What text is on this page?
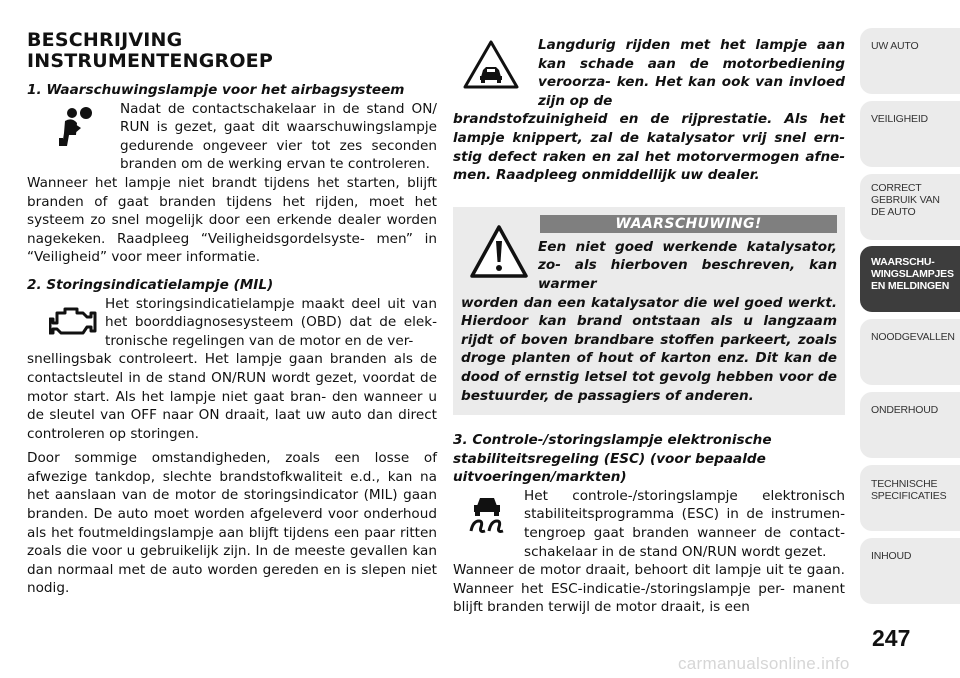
BESCHRIJVING
INSTRUMENTENGROEP
1. Waarschuwingslampje voor het airbagsysteem

Nadat de contactschakelaar in de stand ON/ RUN is gezet, gaat dit waarschuwingslampje gedurende ongeveer vier tot zes seconden branden om de werking ervan te controleren.

Wanneer het lampje niet brandt tijdens het starten, blijft branden of gaat branden tijdens het rijden, moet het systeem zo snel mogelijk door een erkende dealer worden nagekeken. Raadpleeg “Veiligheidsgordelsyste- men” in “Veiligheid” voor meer informatie.

2. Storingsindicatielampje (MIL)

Het storingsindicatielampje maakt deel uit van het boorddiagnosesysteem (OBD) dat de elek- tronische regelingen van de motor en de ver-

snellingsbak controleert. Het lampje gaan branden als de contactsleutel in de stand ON/RUN wordt gezet, voordat de motor start. Als het lampje niet gaat bran- den wanneer u de sleutel van OFF naar ON draait, laat uw auto dan direct controleren op storingen.

Door sommige omstandigheden, zoals een losse of afwezige tankdop, slechte brandstofkwaliteit e.d., kan na het aanslaan van de motor de storingsindicator (MIL) gaan branden. De auto moet worden afgeleverd voor onderhoud als het foutmeldingslampje aan blijft tijdens een paar ritten zoals die voor u gebruikelijk zijn. In de meeste gevallen kan dan normaal met de auto worden gereden en is slepen niet nodig.

Langdurig rijden met het lampje aan kan schade aan de motorbediening veroorza- ken. Het kan ook van invloed zijn op de

brandstofzuinigheid en de rijprestatie. Als het lampje knippert, zal de katalysator vrij snel ern- stig defect raken en zal het motorvermogen afne- men. Raadpleeg onmiddellijk uw dealer.

WAARSCHUWING!

Een niet goed werkende katalysator, zo- als hierboven beschreven, kan warmer

worden dan een katalysator die wel goed werkt. Hierdoor kan brand ontstaan als u langzaam rijdt of boven brandbare stoffen parkeert, zoals droge planten of hout of karton enz. Dit kan de dood of ernstig letsel tot gevolg hebben voor de bestuurder, de passagiers of anderen.

3. Controle-/storingslampje elektronische stabiliteitsregeling (ESC) (voor bepaalde uitvoeringen/markten)

Het controle-/storingslampje elektronisch stabiliteitsprogramma (ESC) in de instrumen- tengroep gaat branden wanneer de contact- schakelaar in de stand ON/RUN wordt gezet.

Wanneer de motor draait, behoort dit lampje uit te gaan. Wanneer het ESC-indicatie-/storingslampje per- manent blijft branden terwijl de motor draait, is een

UW AUTO
VEILIGHEID
CORRECT GEBRUIK VAN DE AUTO
WAARSCHU- WINGSLAMPJES EN MELDINGEN
NOODGEVALLEN
ONDERHOUD
TECHNISCHE SPECIFICATIES
INHOUD
247
carmanualsonline.info
